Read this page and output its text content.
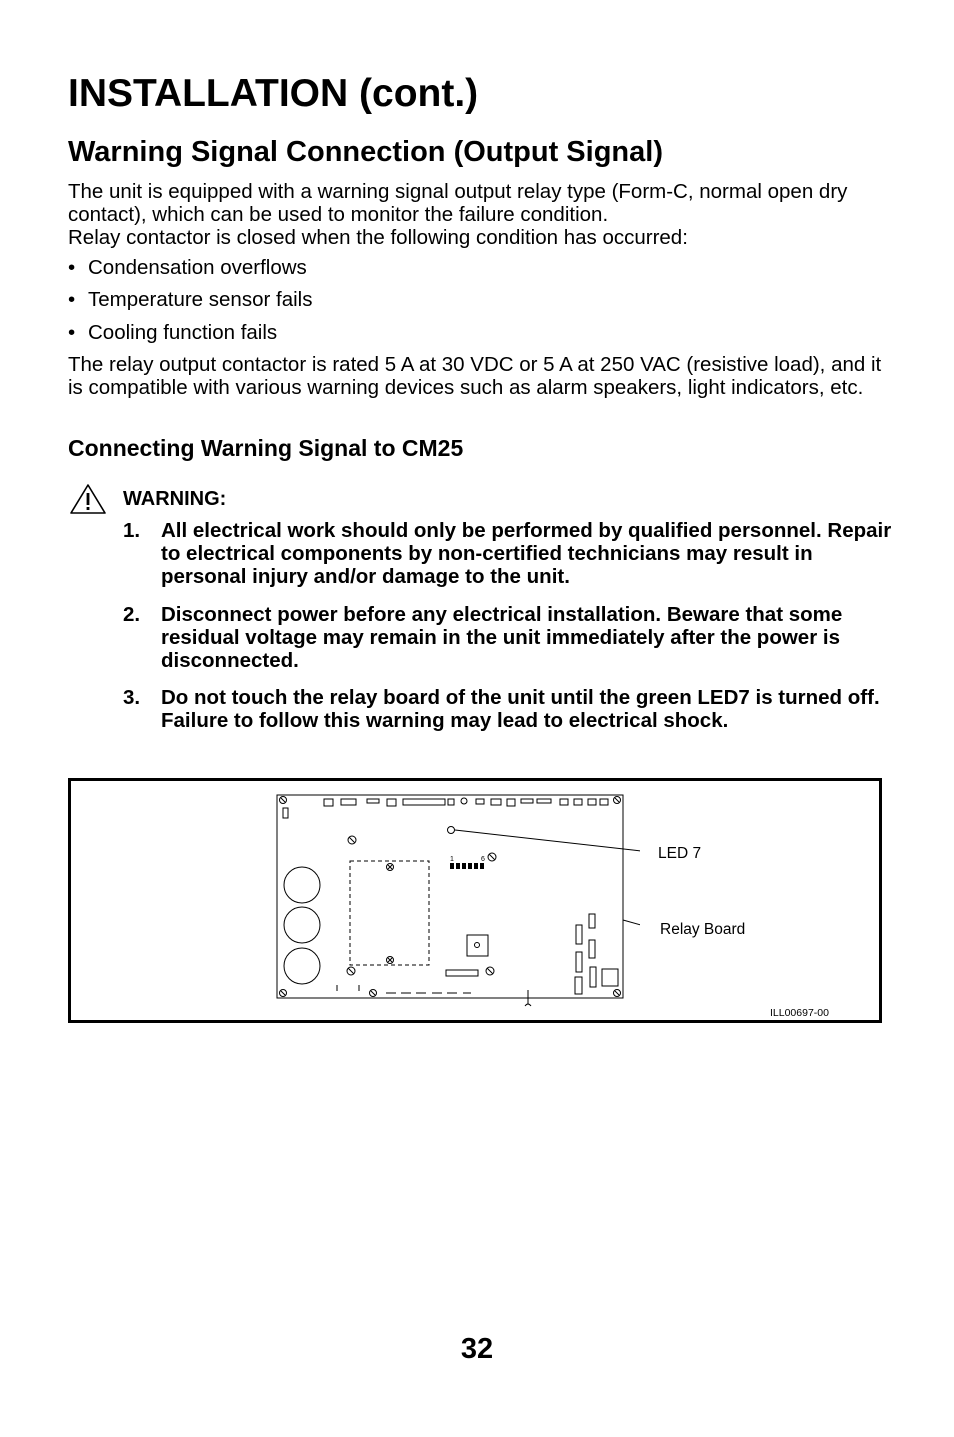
INSTALLATION (cont.)
Warning Signal Connection (Output Signal)

The unit is equipped with a warning signal output relay type (Form-C, normal open dry contact), which can be used to monitor the failure condition.

Relay contactor is closed when the following condition has occurred:

• Condensation overflows
• Temperature sensor fails
• Cooling function fails

The relay output contactor is rated 5 A at 30 VDC or 5 A at 250 VAC (resistive load), and it is compatible with various warning devices such as alarm speakers, light indicators, etc.

Connecting Warning Signal to CM25
WARNING:
1. All electrical work should only be performed by qualified personnel. Repair to electrical components by non-certified technicians may result in personal injury and/or damage to the unit.
2. Disconnect power before any electrical installation. Beware that some residual voltage may remain in the unit immediately after the power is disconnected.
3. Do not touch the relay board of the unit until the green LED7 is turned off. Failure to follow this warning may lead to electrical shock.
1	6	LED 7
Relay Board
ILL00697-00
32
